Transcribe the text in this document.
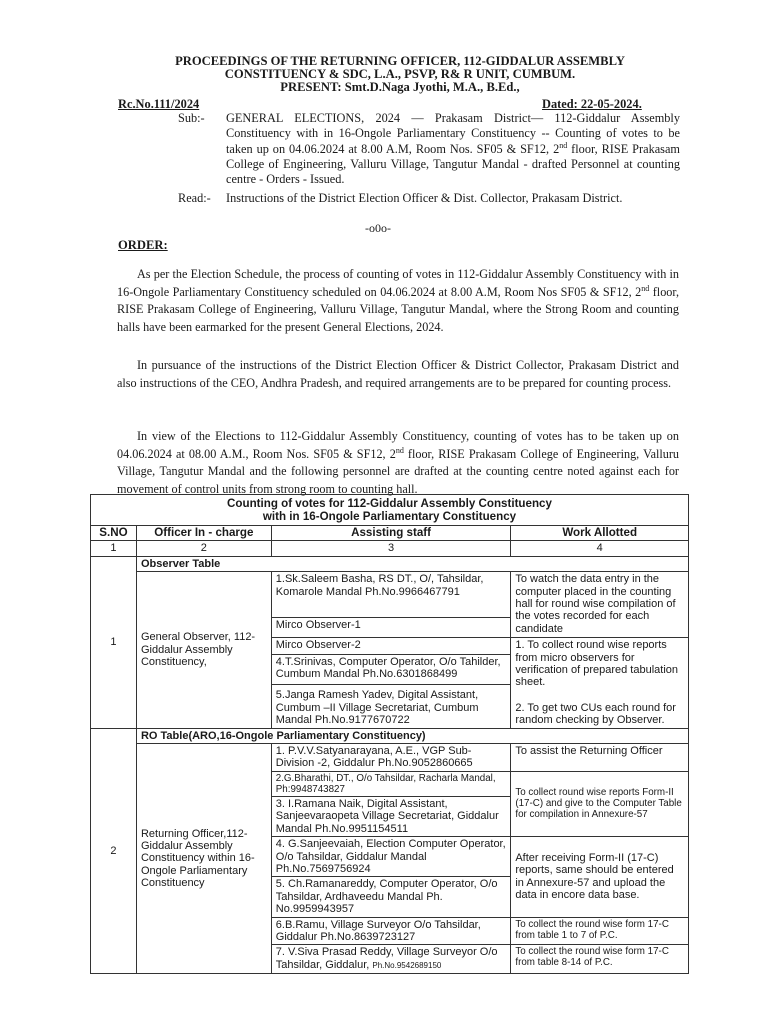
PROCEEDINGS OF THE RETURNING OFFICER, 112-GIDDALUR ASSEMBLY
CONSTITUENCY & SDC, L.A., PSVP, R& R UNIT, CUMBUM.
PRESENT: Smt.D.Naga Jyothi, M.A., B.Ed.,
Rc.No.111/2024	Dated: 22-05-2024.
Sub:- GENERAL ELECTIONS, 2024 — Prakasam District— 112-Giddalur Assembly Constituency with in 16-Ongole Parliamentary Constituency -- Counting of votes to be taken up on 04.06.2024 at 8.00 A.M, Room Nos. SF05 & SF12, 2nd floor, RISE Prakasam College of Engineering, Valluru Village, Tangutur Mandal - drafted Personnel at counting centre - Orders - Issued.
Read:- Instructions of the District Election Officer & Dist. Collector, Prakasam District.
-o0o-
ORDER:
As per the Election Schedule, the process of counting of votes in 112-Giddalur Assembly Constituency with in 16-Ongole Parliamentary Constituency scheduled on 04.06.2024 at 8.00 A.M, Room Nos SF05 & SF12, 2nd floor, RISE Prakasam College of Engineering, Valluru Village, Tangutur Mandal, where the Strong Room and counting halls have been earmarked for the present General Elections, 2024.
In pursuance of the instructions of the District Election Officer & District Collector, Prakasam District and also instructions of the CEO, Andhra Pradesh, and required arrangements are to be prepared for counting process.
In view of the Elections to 112-Giddalur Assembly Constituency, counting of votes has to be taken up on 04.06.2024 at 08.00 A.M., Room Nos. SF05 & SF12, 2nd floor, RISE Prakasam College of Engineering, Valluru Village, Tangutur Mandal and the following personnel are drafted at the counting centre noted against each for movement of control units from strong room to counting hall.
Counting of votes for 112-Giddalur Assembly Constituency
with in 16-Ongole Parliamentary Constituency			

S.NO	Officer In - charge	Assisting staff	Work Allotted
1	2	3	4
1	Observer Table		
	General Observer, 112-Giddalur Assembly Constituency,	1.Sk.Saleem Basha, RS DT., O/, Tahsildar, Komarole Mandal Ph.No.9966467791	To watch the data entry in the computer placed in the counting hall for round wise compilation of the votes recorded for each candidate
		Mirco Observer-1	
		Mirco Observer-2	1. To collect round wise reports from micro observers for verification of prepared tabulation sheet.
2. To get two CUs each round for random checking by Observer.

		4.T.Srinivas, Computer Operator, O/o Tahilder, Cumbum Mandal Ph.No.6301868499	
		5.Janga Ramesh Yadev, Digital Assistant, Cumbum –II Village Secretariat, Cumbum Mandal Ph.No.9177670722	
2	RO Table(ARO,16-Ongole Parliamentary Constituency)		
	Returning Officer,112-Giddalur Assembly Constituency within 16-Ongole Parliamentary Constituency	1. P.V.V.Satyanarayana, A.E., VGP Sub-Division -2, Giddalur Ph.No.9052860665	To assist the Returning Officer
		2.G.Bharathi, DT., O/o Tahsildar, Racharla Mandal, Ph:9948743827	To collect round wise reports Form-II (17-C) and give to the Computer Table for compilation in Annexure-57
		3. I.Ramana Naik, Digital Assistant, Sanjeevaraopeta Village Secretariat, Giddalur Mandal Ph.No.9951154511	
		4. G.Sanjeevaiah, Election Computer Operator, O/o Tahsildar, Giddalur Mandal Ph.No.7569756924	After receiving Form-II (17-C) reports, same should be entered in Annexure-57 and upload the data in encore data base.
		5. Ch.Ramanareddy, Computer Operator, O/o Tahsildar, Ardhaveedu Mandal Ph. No.9959943957	
		6.B.Ramu, Village Surveyor O/o Tahsildar, Giddalur Ph.No.8639723127	To collect the round wise form 17-C from table 1 to 7 of P.C.
		7. V.Siva Prasad Reddy, Village Surveyor O/o Tahsildar, Giddalur, Ph.No.9542689150	To collect the round wise form 17-C from table 8-14 of P.C.
